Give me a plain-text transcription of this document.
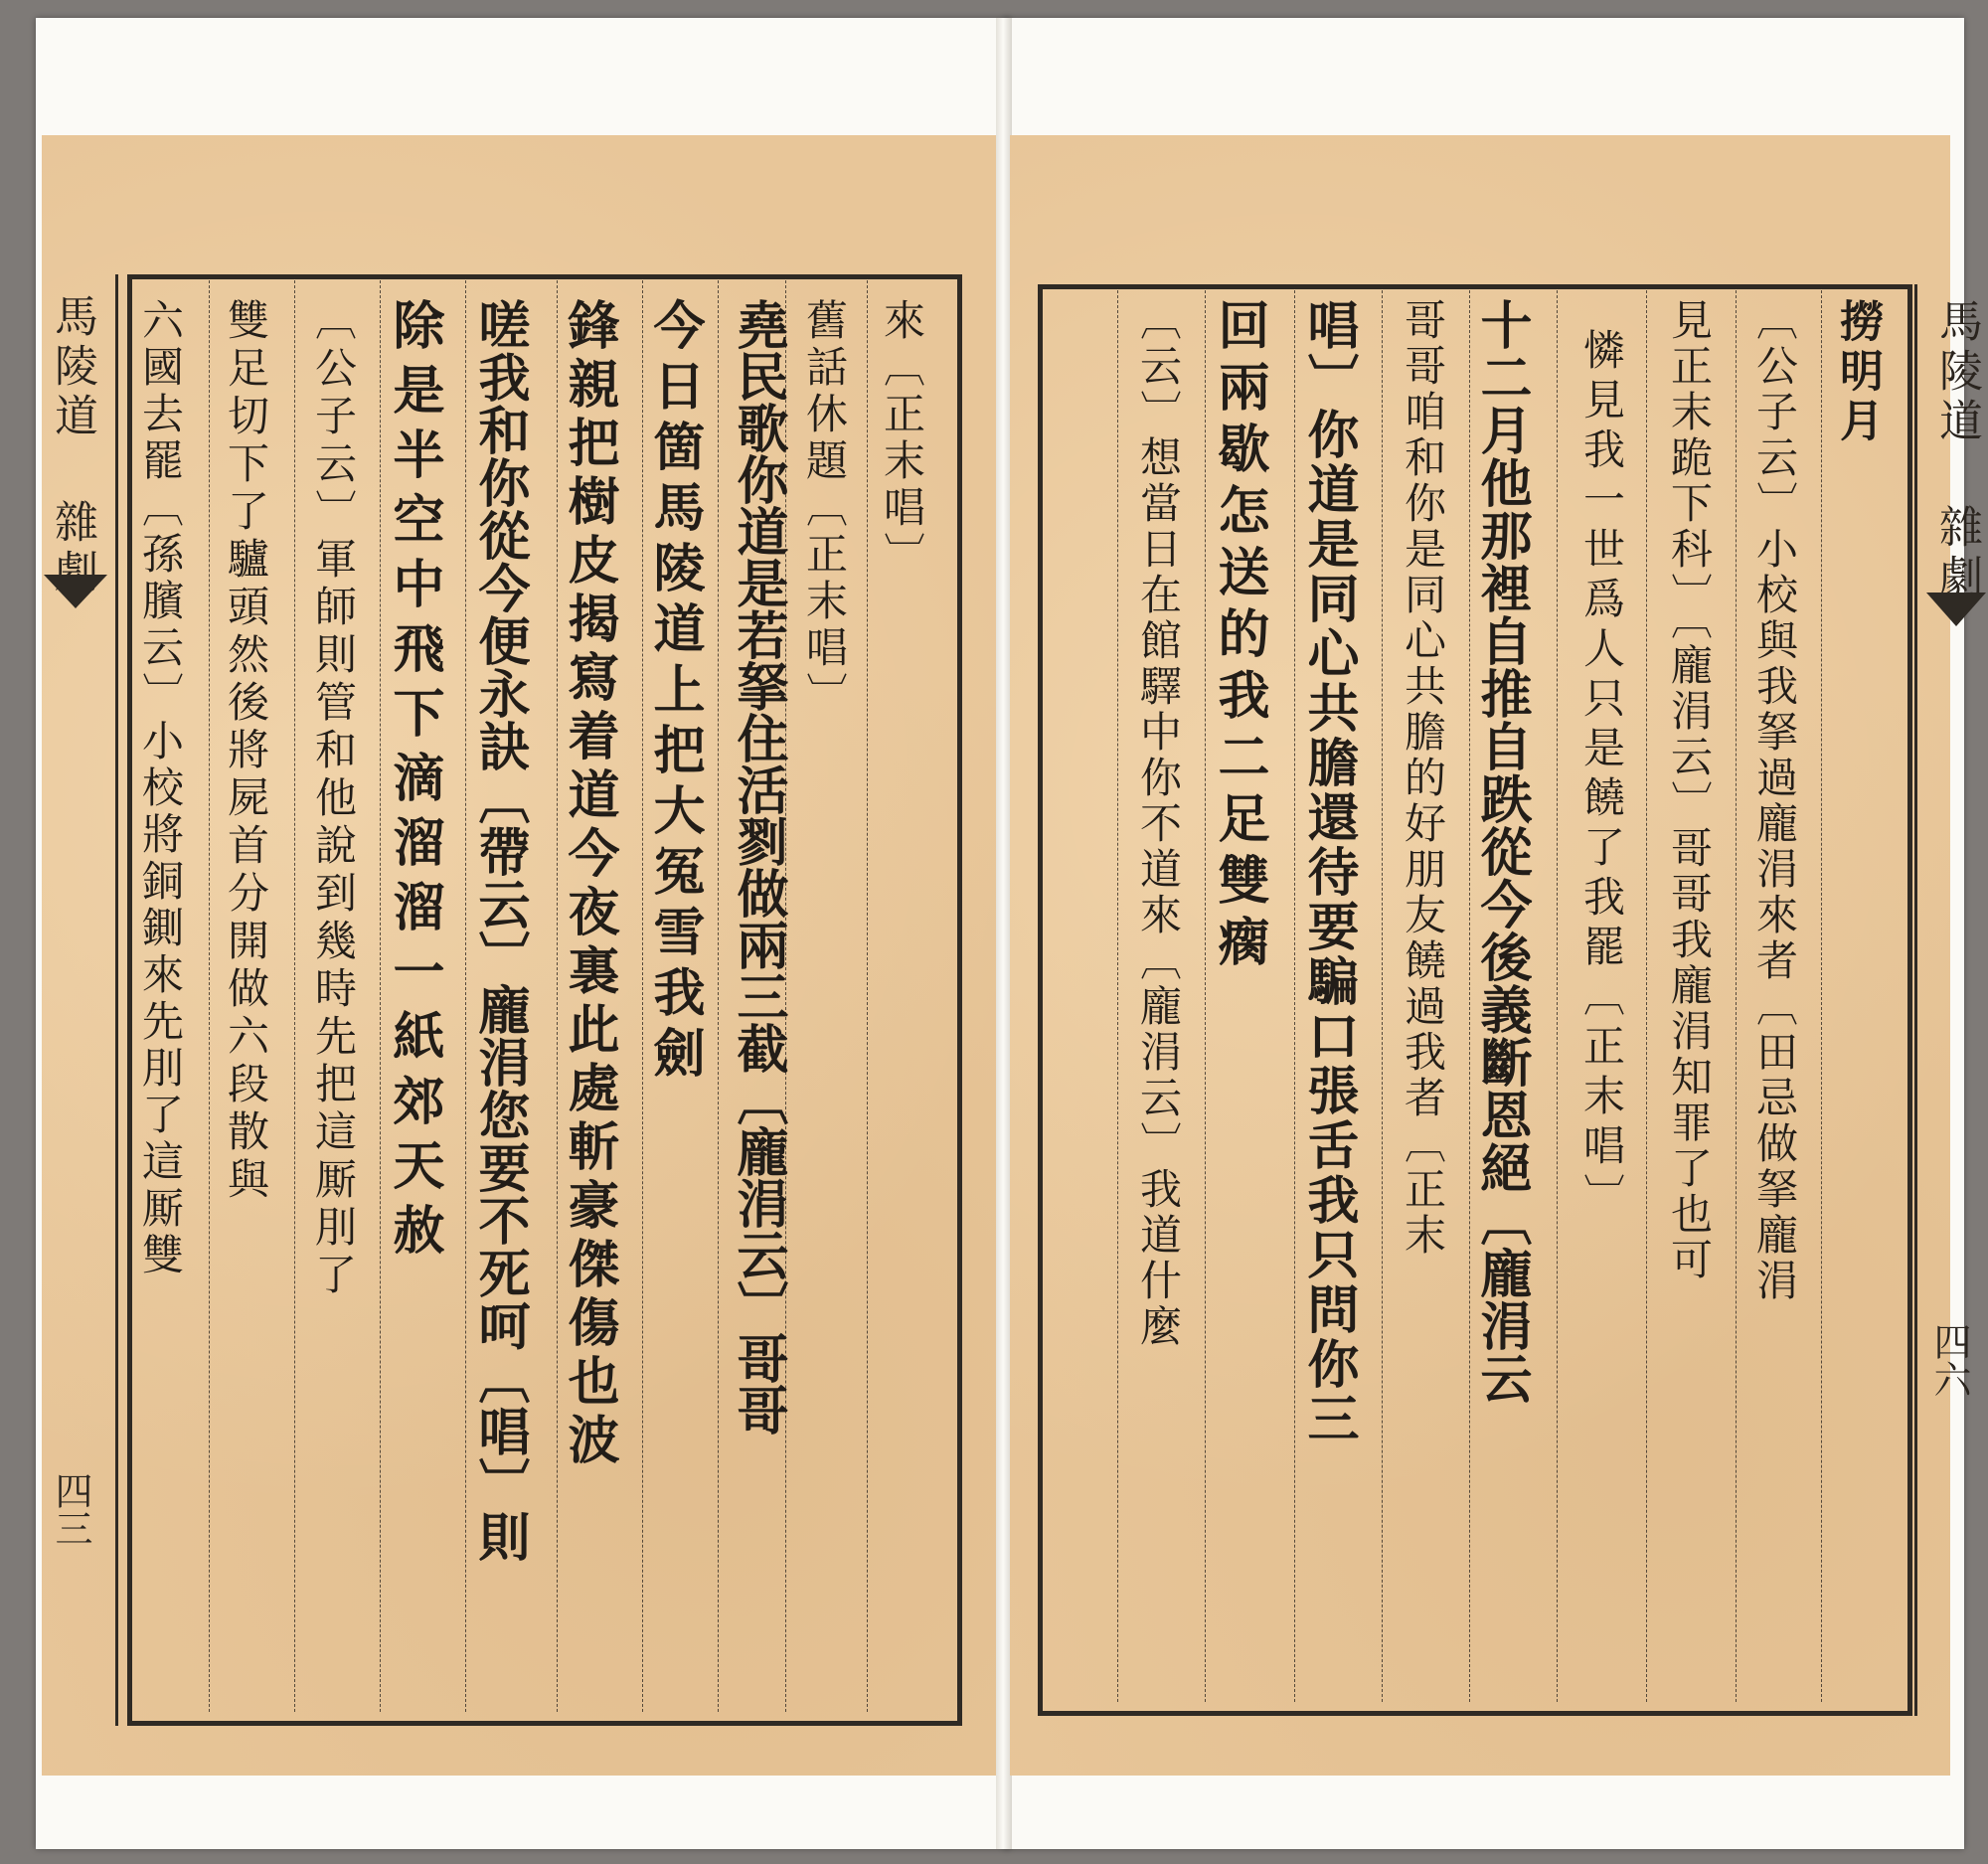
馬陵道 雜劇
四三
來〔正末唱〕
舊話休題〔正末唱〕
堯民歌你道是若拏住活剹做兩三截〔龐涓云〕哥哥
今日箇馬陵道上把大冤雪我劍
鋒親把樹皮揭寫着道今夜裏此處斬豪傑傷也波
嗟我和你從今便永訣〔帶云〕龐涓您要不死呵〔唱〕則
除是半空中飛下滴溜溜一紙郊天赦
〔公子云〕軍師則管和他說到幾時先把這厮刖了
雙足切下了驢頭然後將屍首分開做六段散與
六國去罷〔孫臏云〕小校將銅鍘來先刖了這厮雙	馬陵道 雜劇
四六
撈明月
〔公子云〕小校與我拏過龐涓來者〔田忌做拏龐涓
見正末跪下科〕〔龐涓云〕哥哥我龐涓知罪了也可
憐見我一世爲人只是饒了我罷〔正末唱〕
十二月他那裡自推自跌從今後義斷恩絕〔龐涓云
哥哥咱和你是同心共膽的好朋友饒過我者〔正末
唱〕你道是同心共膽還待要騙口張舌我只問你三
回兩歇怎送的我二足雙瘸
〔云〕想當日在館驛中你不道來〔龐涓云〕我道什麼
